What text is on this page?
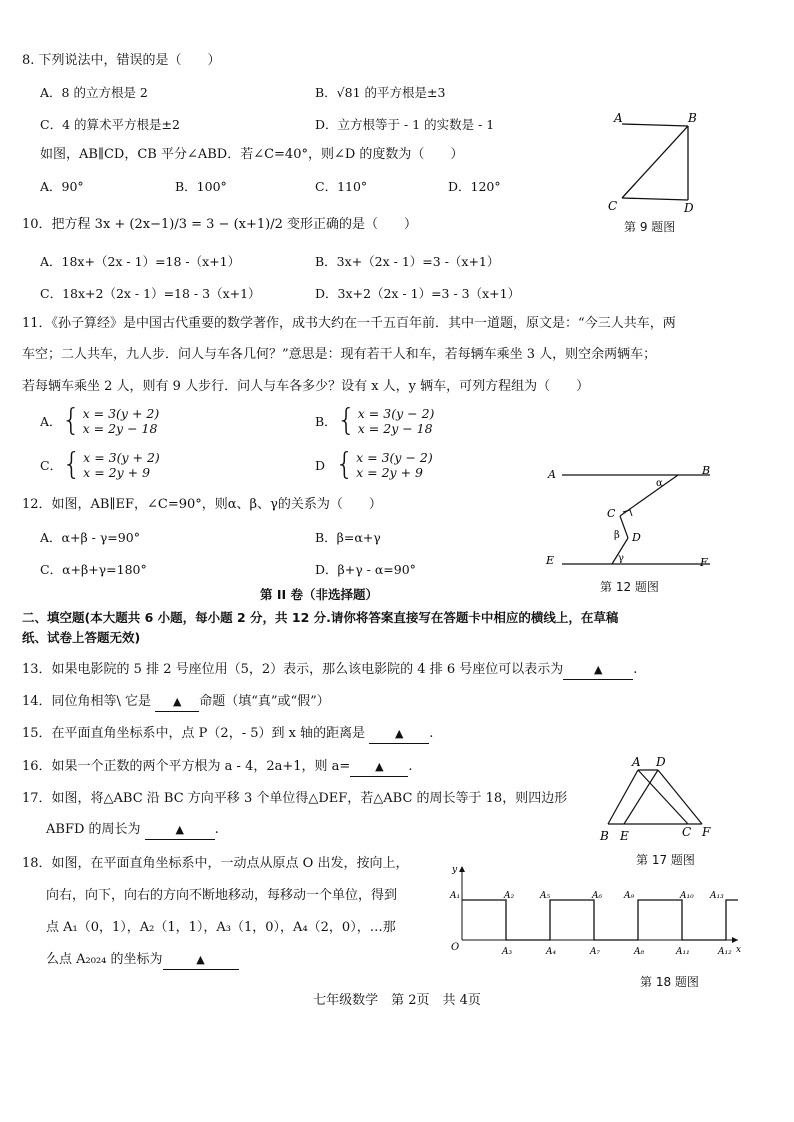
8. 下列说法中，错误的是（　　）
A．8 的立方根是 2	B．√81 的平方根是±3
C．4 的算术平方根是±2	D．立方根等于 - 1 的实数是 - 1
如图，AB∥CD，CB 平分∠ABD．若∠C=40°，则∠D 的度数为（　　）
A．90°	B．100°	C．110°	D．120°
A	B
C	D
第 9 题图
10．把方程 3x + (2x−1)/3 = 3 − (x+1)/2 变形正确的是（　　）
A．18x+（2x - 1）=18 -（x+1）	B．3x+（2x - 1）=3 -（x+1）
C．18x+2（2x - 1）=18 - 3（x+1）	D．3x+2（2x - 1）=3 - 3（x+1）
11．《孙子算经》是中国古代重要的数学著作，成书大约在一千五百年前．其中一道题，原文是：“今三人共车，两
车空；二人共车，九人步．问人与车各几何？”意思是：现有若干人和车，若每辆车乘坐 3 人，则空余两辆车；
若每辆车乘坐 2 人，则有 9 人步行．问人与车各多少？设有 x 人，y 辆车，可列方程组为（　　）
A． { x = 3(y + 2)
x = 2y − 18	B． { x = 3(y − 2)
x = 2y − 18
C． { x = 3(y + 2)
x = 2y + 9	D { x = 3(y − 2)
x = 2y + 9
12．如图，AB∥EF，∠C=90°，则α、β、γ的关系为（　　）
A．α+β - γ=90°	B．β=α+γ
C．α+β+γ=180°	D．β+γ - α=90°
A	B
C
D
E	F
α
β
γ
第 12 题图
第 II 卷（非选择题）
二、填空题(本大题共 6 小题，每小题 2 分，共 12 分.请你将答案直接写在答题卡中相应的横线上，在草稿
纸、试卷上答题无效)
13．如果电影院的 5 排 2 号座位用（5，2）表示，那么该电影院的 4 排 6 号座位可以表示为	▲ .
14．同位角相等\ 它是 ▲ 命题（填“真”或“假”）
15．在平面直角坐标系中，点 P（2，- 5）到 x 轴的距离是	▲ .
16．如果一个正数的两个平方根为 a - 4，2a+1，则 a= ▲ .
17．如图，将△ABC 沿 BC 方向平移 3 个单位得△DEF，若△ABC 的周长等于 18，则四边形
ABFD 的周长为	▲ .
A D
B E	C F
第 17 题图
18．如图，在平面直角坐标系中，一动点从原点 O 出发，按向上，
向右，向下，向右的方向不断地移动，每移动一个单位，得到
点 A₁（0，1），A₂（1，1），A₃（1，0），A₄（2，0），…那
么点 A₂₀₂₄ 的坐标为	▲
y
x
O
A₁	A₂	A₅	A₆ A₉	A₁₀ A₁₃
A₃	A₄	A₇	A₈	A₁₁	A₁₂
第 18 题图
七年级数学　第 2页　共 4页
